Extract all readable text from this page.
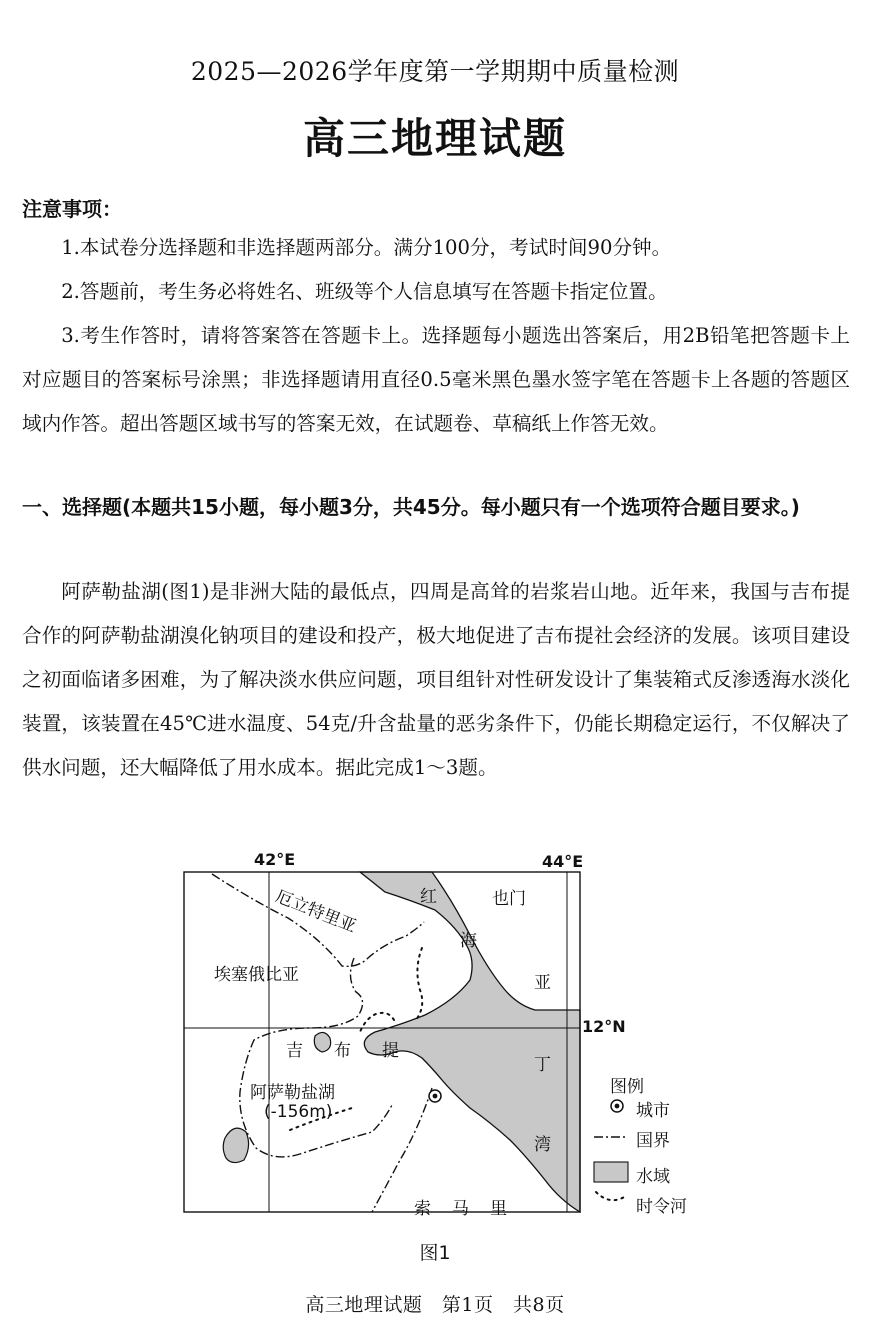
2025—2026学年度第一学期期中质量检测
高三地理试题
注意事项：

1.本试卷分选择题和非选择题两部分。满分100分，考试时间90分钟。

2.答题前，考生务必将姓名、班级等个人信息填写在答题卡指定位置。

3.考生作答时，请将答案答在答题卡上。选择题每小题选出答案后，用2B铅笔把答题卡上对应题目的答案标号涂黑；非选择题请用直径0.5毫米黑色墨水签字笔在答题卡上各题的答题区域内作答。超出答题区域书写的答案无效，在试题卷、草稿纸上作答无效。

一、选择题(本题共15小题，每小题3分，共45分。每小题只有一个选项符合题目要求。)

阿萨勒盐湖(图1)是非洲大陆的最低点，四周是高耸的岩浆岩山地。近年来，我国与吉布提合作的阿萨勒盐湖溴化钠项目的建设和投产，极大地促进了吉布提社会经济的发展。该项目建设之初面临诸多困难，为了解决淡水供应问题，项目组针对性研发设计了集装箱式反渗透海水淡化装置，该装置在45℃进水温度、54克/升含盐量的恶劣条件下，仍能长期稳定运行，不仅解决了供水问题，还大幅降低了用水成本。据此完成1～3题。

42°E	44°E
12°N
厄立特里亚
埃塞俄比亚
吉 布 提
阿萨勒盐湖
(-156m)
索 马 里
也门
红
海
亚
丁
湾
图例
城市
国界
水域
时令河
图1
高三地理试题　第1页　共8页
